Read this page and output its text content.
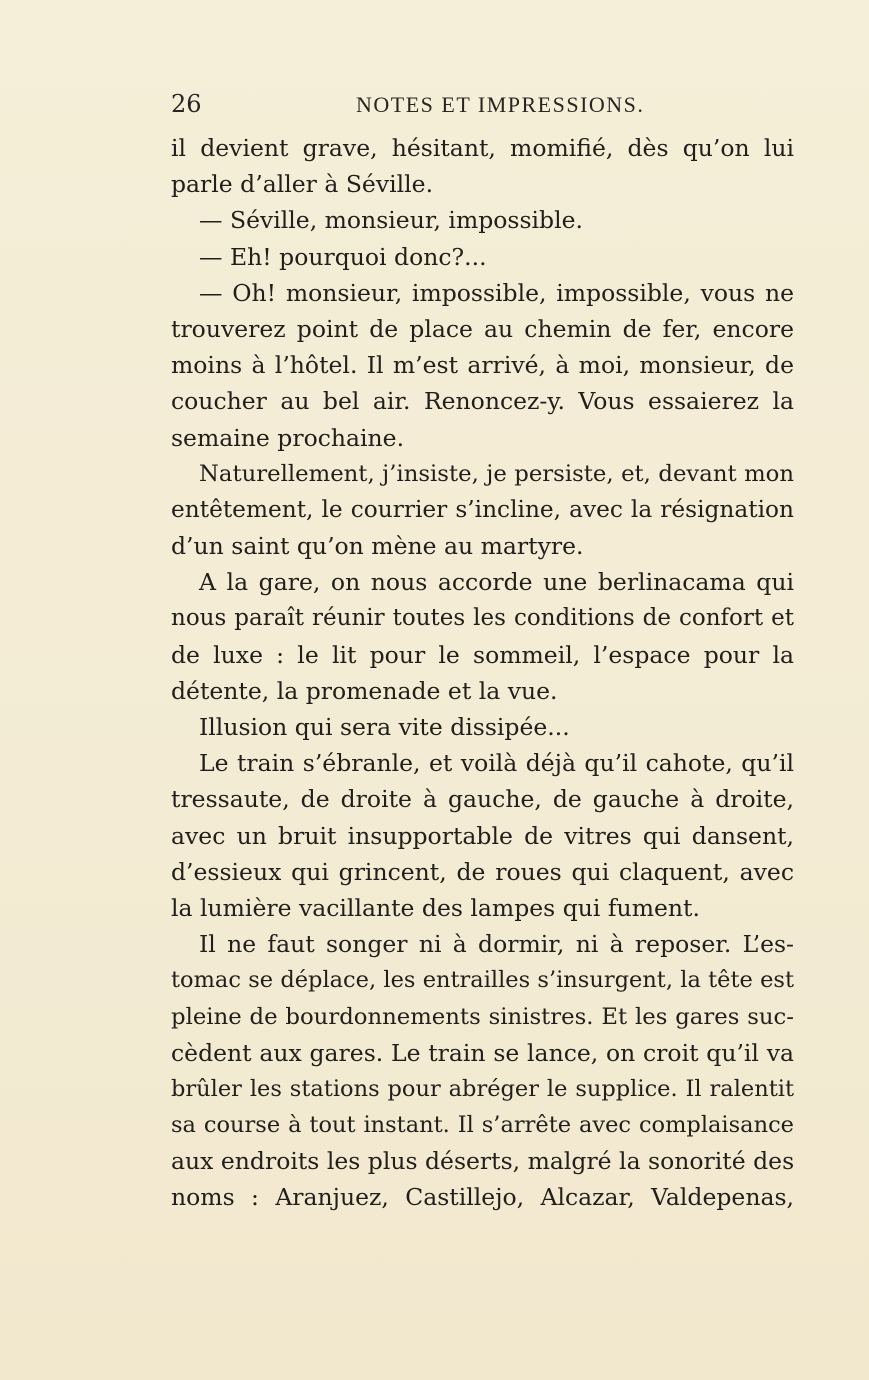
26	NOTES ET IMPRESSIONS.
il devient grave, hésitant, momifié, dès qu’on lui
parle d’aller à Séville.
— Séville, monsieur, impossible.
— Eh! pourquoi donc?...
— Oh! monsieur, impossible, impossible, vous ne
trouverez point de place au chemin de fer, encore
moins à l’hôtel. Il m’est arrivé, à moi, monsieur, de
coucher au bel air. Renoncez-y. Vous essaierez la
semaine prochaine.
Naturellement, j’insiste, je persiste, et, devant mon
entêtement, le courrier s’incline, avec la résignation
d’un saint qu’on mène au martyre.
A la gare, on nous accorde une berlinacama qui
nous paraît réunir toutes les conditions de confort et
de luxe : le lit pour le sommeil, l’espace pour la
détente, la promenade et la vue.
Illusion qui sera vite dissipée...
Le train s’ébranle, et voilà déjà qu’il cahote, qu’il
tressaute, de droite à gauche, de gauche à droite,
avec un bruit insupportable de vitres qui dansent,
d’essieux qui grincent, de roues qui claquent, avec
la lumière vacillante des lampes qui fument.
Il ne faut songer ni à dormir, ni à reposer. L’es-
tomac se déplace, les entrailles s’insurgent, la tête est
pleine de bourdonnements sinistres. Et les gares suc-
cèdent aux gares. Le train se lance, on croit qu’il va
brûler les stations pour abréger le supplice. Il ralentit
sa course à tout instant. Il s’arrête avec complaisance
aux endroits les plus déserts, malgré la sonorité des
noms : Aranjuez, Castillejo, Alcazar, Valdepenas,
